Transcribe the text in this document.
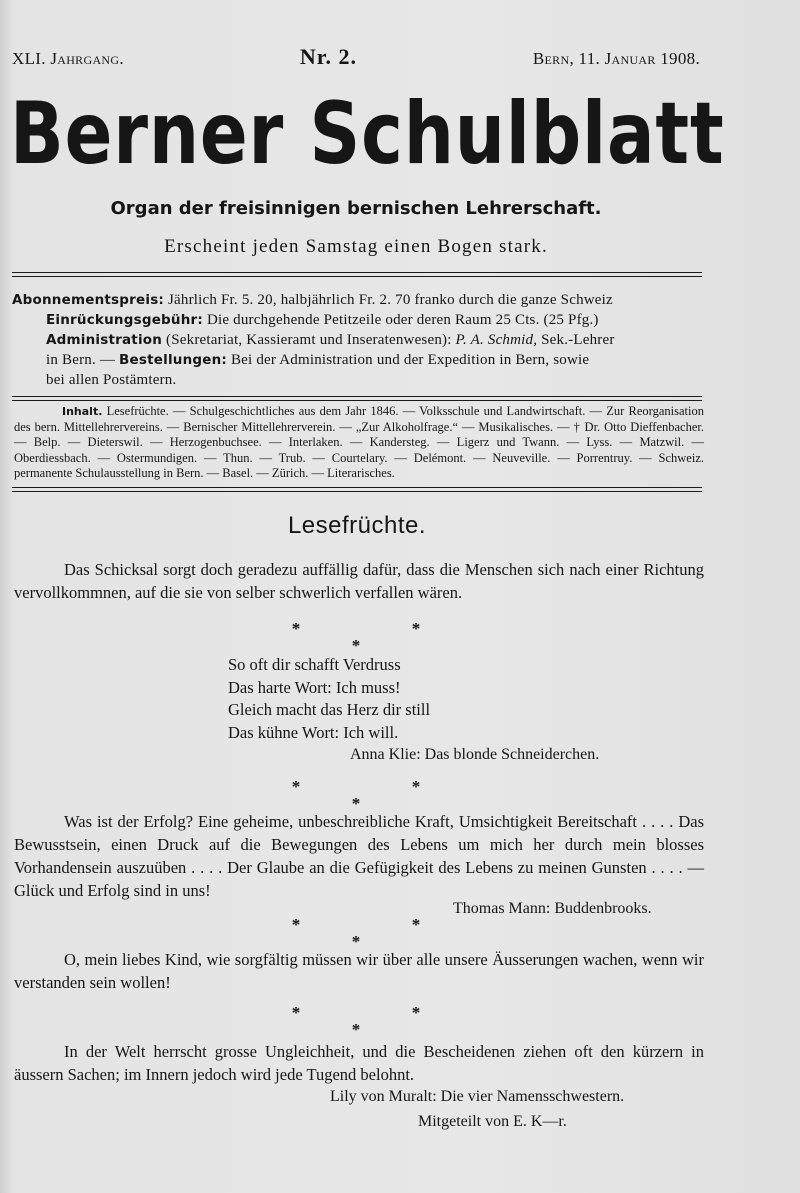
XLI. Jahrgang.	Nr. 2.	Bern, 11. Januar 1908.
Berner Schulblatt
Organ der freisinnigen bernischen Lehrerschaft.
Erscheint jeden Samstag einen Bogen stark.

Abonnementspreis: Jährlich Fr. 5. 20, halbjährlich Fr. 2. 70 franko durch die ganze Schweiz

Einrückungsgebühr: Die durchgehende Petitzeile oder deren Raum 25 Cts. (25 Pfg.)

Administration (Sekretariat, Kassieramt und Inseratenwesen): P. A. Schmid, Sek.-Lehrer

in Bern. — Bestellungen: Bei der Administration und der Expedition in Bern, sowie

bei allen Postämtern.

Inhalt. Lesefrüchte. — Schulgeschichtliches aus dem Jahr 1846. — Volksschule und Landwirtschaft. — Zur Reorganisation des bern. Mittellehrervereins. — Bernischer Mittellehrerverein. — „Zur Alkoholfrage.“ — Musikalisches. — † Dr. Otto Dieffenbacher. — Belp. — Dieterswil. — Herzogenbuchsee. — Interlaken. — Kandersteg. — Ligerz und Twann. — Lyss. — Matzwil. — Oberdiessbach. — Ostermundigen. — Thun. — Trub. — Courtelary. — Delémont. — Neuveville. — Porrentruy. — Schweiz. permanente Schulausstellung in Bern. — Basel. — Zürich. — Literarisches.
Lesefrüchte.

Das Schicksal sorgt doch geradezu auffällig dafür, dass die Menschen sich nach einer Richtung vervollkommnen, auf die sie von selber schwerlich verfallen wären.

*	*
*
So oft dir schafft Verdruss
Das harte Wort: Ich muss!
Gleich macht das Herz dir still
Das kühne Wort: Ich will.
Anna Klie: Das blonde Schneiderchen.
*	*
*

Was ist der Erfolg? Eine geheime, unbeschreibliche Kraft, Umsichtigkeit Bereitschaft . . . . Das Bewusstsein, einen Druck auf die Bewegungen des Lebens um mich her durch mein blosses Vorhandensein auszuüben . . . . Der Glaube an die Gefügigkeit des Lebens zu meinen Gunsten . . . . — Glück und Erfolg sind in uns!

Thomas Mann: Buddenbrooks.
*	*
*

O, mein liebes Kind, wie sorgfältig müssen wir über alle unsere Äusserungen wachen, wenn wir verstanden sein wollen!

*	*
*

In der Welt herrscht grosse Ungleichheit, und die Bescheidenen ziehen oft den kürzern in äussern Sachen; im Innern jedoch wird jede Tugend belohnt.

Lily von Muralt: Die vier Namensschwestern.
Mitgeteilt von E. K—r.
